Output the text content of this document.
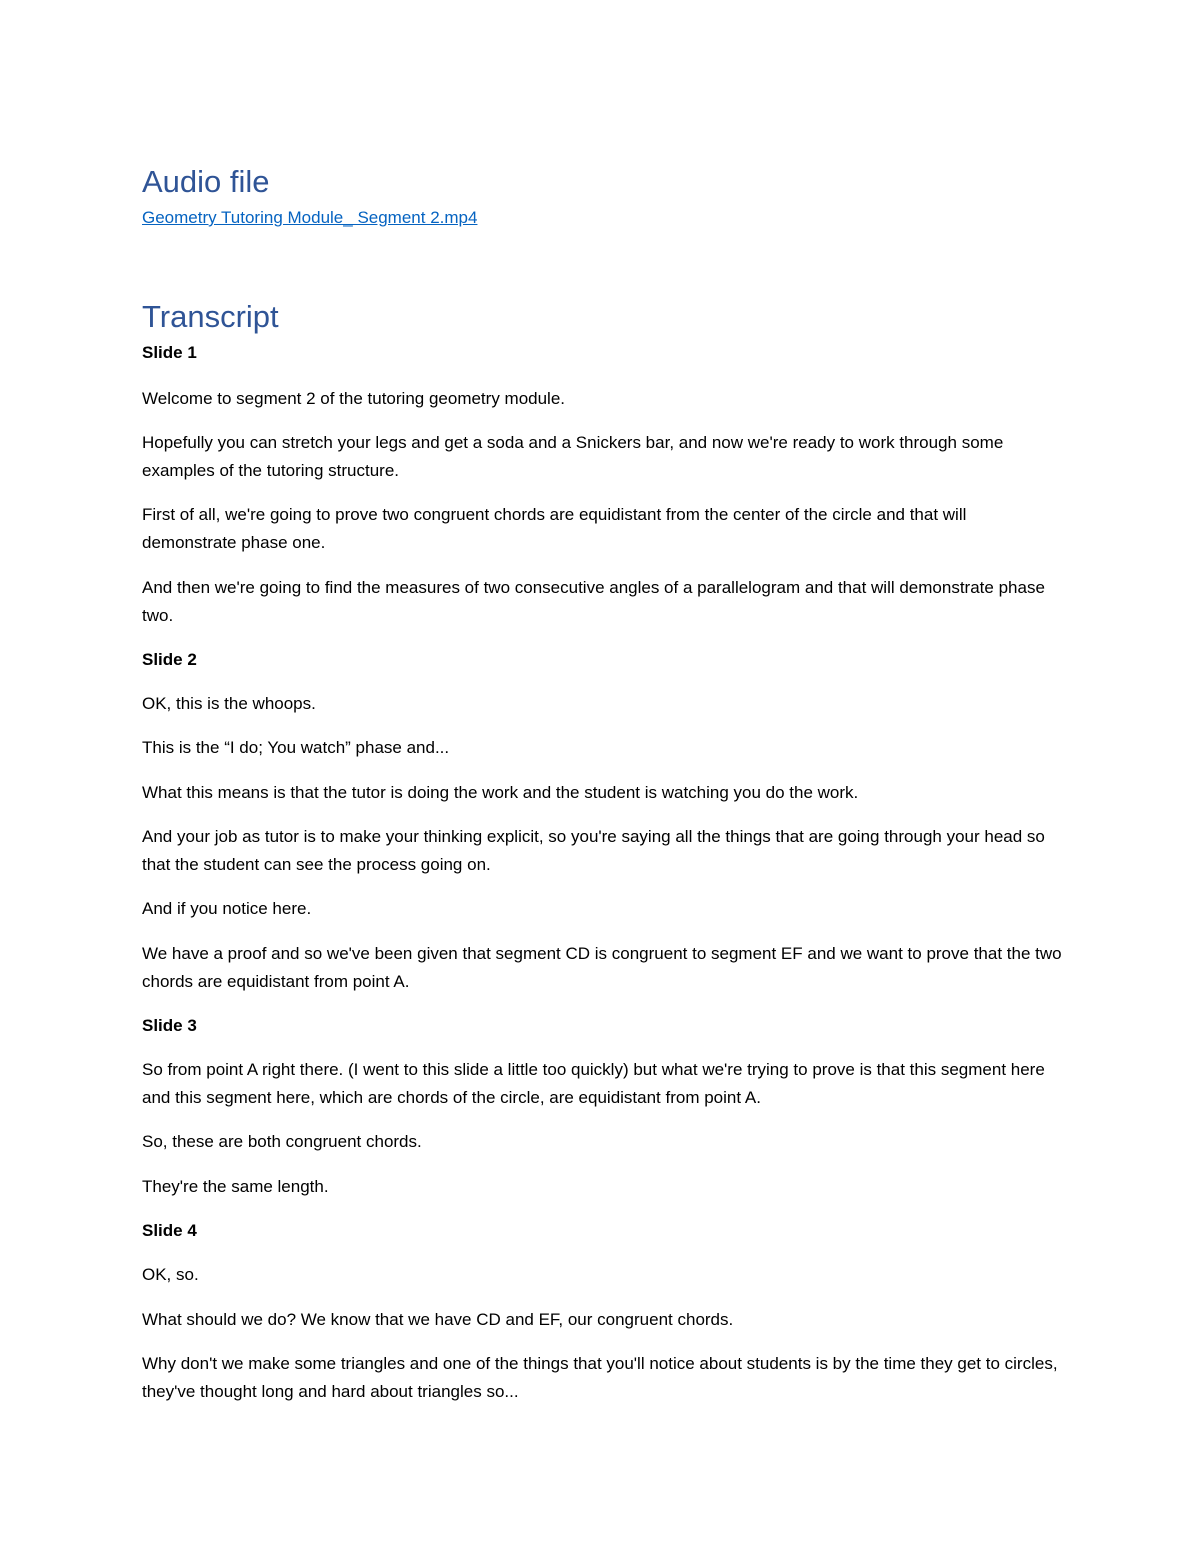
Audio file
Geometry Tutoring Module_ Segment 2.mp4
Transcript

Slide 1

Welcome to segment 2 of the tutoring geometry module.

Hopefully you can stretch your legs and get a soda and a Snickers bar, and now we're ready to work through some examples of the tutoring structure.

First of all, we're going to prove two congruent chords are equidistant from the center of the circle and that will demonstrate phase one.

And then we're going to find the measures of two consecutive angles of a parallelogram and that will demonstrate phase two.

Slide 2

OK, this is the whoops.

This is the “I do; You watch” phase and...

What this means is that the tutor is doing the work and the student is watching you do the work.

And your job as tutor is to make your thinking explicit, so you're saying all the things that are going through your head so that the student can see the process going on.

And if you notice here.

We have a proof and so we've been given that segment CD is congruent to segment EF and we want to prove that the two chords are equidistant from point A.

Slide 3

So from point A right there. (I went to this slide a little too quickly) but what we're trying to prove is that this segment here and this segment here, which are chords of the circle, are equidistant from point A.

So, these are both congruent chords.

They're the same length.

Slide 4

OK, so.

What should we do? We know that we have CD and EF, our congruent chords.

Why don't we make some triangles and one of the things that you'll notice about students is by the time they get to circles, they've thought long and hard about triangles so...
